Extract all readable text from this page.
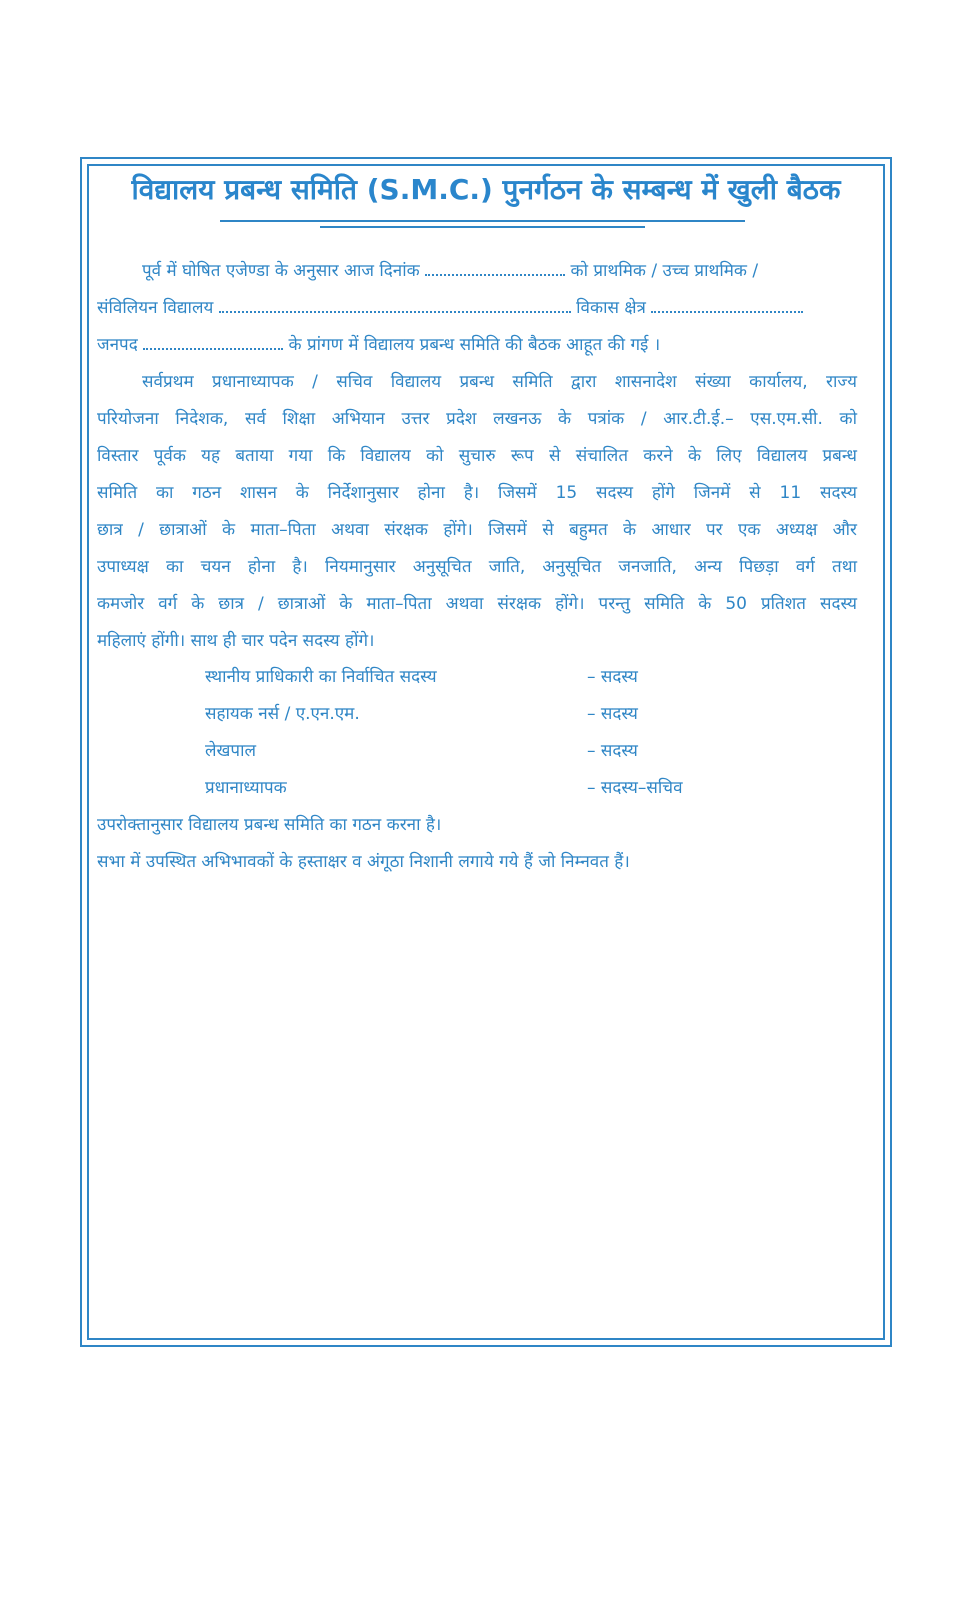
विद्यालय प्रबन्ध समिति (S.M.C.) पुनर्गठन के सम्बन्ध में खुली बैठक
पूर्व में घोषित एजेण्डा के अनुसार आज दिनांक	को प्राथमिक / उच्च प्राथमिक /
संविलियन विद्यालय	विकास क्षेत्र
जनपद	के प्रांगण में विद्यालय प्रबन्ध समिति की बैठक आहूत की गई ।
सर्वप्रथम प्रधानाध्यापक / सचिव विद्यालय प्रबन्ध समिति द्वारा शासनादेश संख्या कार्यालय, राज्य
परियोजना निदेशक, सर्व शिक्षा अभियान उत्तर प्रदेश लखनऊ के पत्रांक / आर.टी.ई.– एस.एम.सी. को
विस्तार पूर्वक यह बताया गया कि विद्यालय को सुचारु रूप से संचालित करने के लिए विद्यालय प्रबन्ध
समिति का गठन शासन के निर्देशानुसार होना है। जिसमें 15 सदस्य होंगे जिनमें से 11 सदस्य
छात्र / छात्राओं के माता–पिता अथवा संरक्षक होंगे। जिसमें से बहुमत के आधार पर एक अध्यक्ष और
उपाध्यक्ष का चयन होना है। नियमानुसार अनुसूचित जाति, अनुसूचित जनजाति, अन्य पिछड़ा वर्ग तथा
कमजोर वर्ग के छात्र / छात्राओं के माता–पिता अथवा संरक्षक होंगे। परन्तु समिति के 50 प्रतिशत सदस्य
महिलाएं होंगी। साथ ही चार पदेन सदस्य होंगे।
स्थानीय प्राधिकारी का निर्वाचित सदस्य	– सदस्य
सहायक नर्स / ए.एन.एम.	– सदस्य
लेखपाल	– सदस्य
प्रधानाध्यापक	– सदस्य–सचिव
उपरोक्तानुसार विद्यालय प्रबन्ध समिति का गठन करना है।
सभा में उपस्थित अभिभावकों के हस्ताक्षर व अंगूठा निशानी लगाये गये हैं जो निम्नवत हैं।
